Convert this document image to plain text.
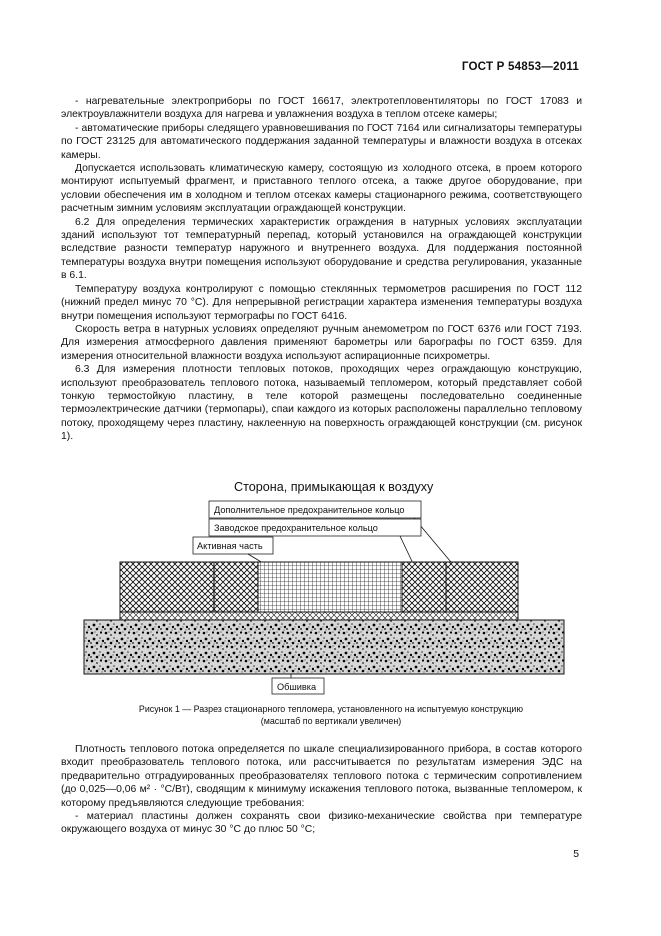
ГОСТ Р 54853—2011

- нагревательные электроприборы по ГОСТ 16617, электротепловентиляторы по ГОСТ 17083 и электроувлажнители воздуха для нагрева и увлажнения воздуха в теплом отсеке камеры;

- автоматические приборы следящего уравновешивания по ГОСТ 7164 или сигнализаторы температуры по ГОСТ 23125 для автоматического поддержания заданной температуры и влажности воздуха в отсеках камеры.

Допускается использовать климатическую камеру, состоящую из холодного отсека, в проем которого монтируют испытуемый фрагмент, и приставного теплого отсека, а также другое оборудование, при условии обеспечения им в холодном и теплом отсеках камеры стационарного режима, соответствующего расчетным зимним условиям эксплуатации ограждающей конструкции.

6.2 Для определения термических характеристик ограждения в натурных условиях эксплуатации зданий используют тот температурный перепад, который установился на ограждающей конструкции вследствие разности температур наружного и внутреннего воздуха. Для поддержания постоянной температуры воздуха внутри помещения используют оборудование и средства регулирования, указанные в 6.1.

Температуру воздуха контролируют с помощью стеклянных термометров расширения по ГОСТ 112 (нижний предел минус 70 °С). Для непрерывной регистрации характера изменения температуры воздуха внутри помещения используют термографы по ГОСТ 6416.

Скорость ветра в натурных условиях определяют ручным анемометром по ГОСТ 6376 или ГОСТ 7193. Для измерения атмосферного давления применяют барометры или барографы по ГОСТ 6359. Для измерения относительной влажности воздуха используют аспирационные психрометры.

6.3 Для измерения плотности тепловых потоков, проходящих через ограждающую конструкцию, используют преобразователь теплового потока, называемый тепломером, который представляет собой тонкую термостойкую пластину, в теле которой размещены последовательно соединенные термоэлектрические датчики (термопары), спаи каждого из которых расположены параллельно тепловому потоку, проходящему через пластину, наклеенную на поверхность ограждающей конструкции (см. рисунок 1).

Сторона, примыкающая к воздуху
Дополнительное предохранительное кольцо
Заводское предохранительное кольцо
Активная часть
Обшивка
Рисунок 1 — Разрез стационарного тепломера, установленного на испытуемую конструкцию
(масштаб по вертикали увеличен)

Плотность теплового потока определяется по шкале специализированного прибора, в состав которого входит преобразователь теплового потока, или рассчитывается по результатам измерения ЭДС на предварительно отградуированных преобразователях теплового потока с термическим сопротивлением (до 0,025—0,06 м² · °С/Вт), сводящим к минимуму искажения теплового потока, вызванные тепломером, к которому предъявляются следующие требования:

- материал пластины должен сохранять свои физико-механические свойства при температуре окружающего воздуха от минус 30 °С до плюс 50 °С;

5
